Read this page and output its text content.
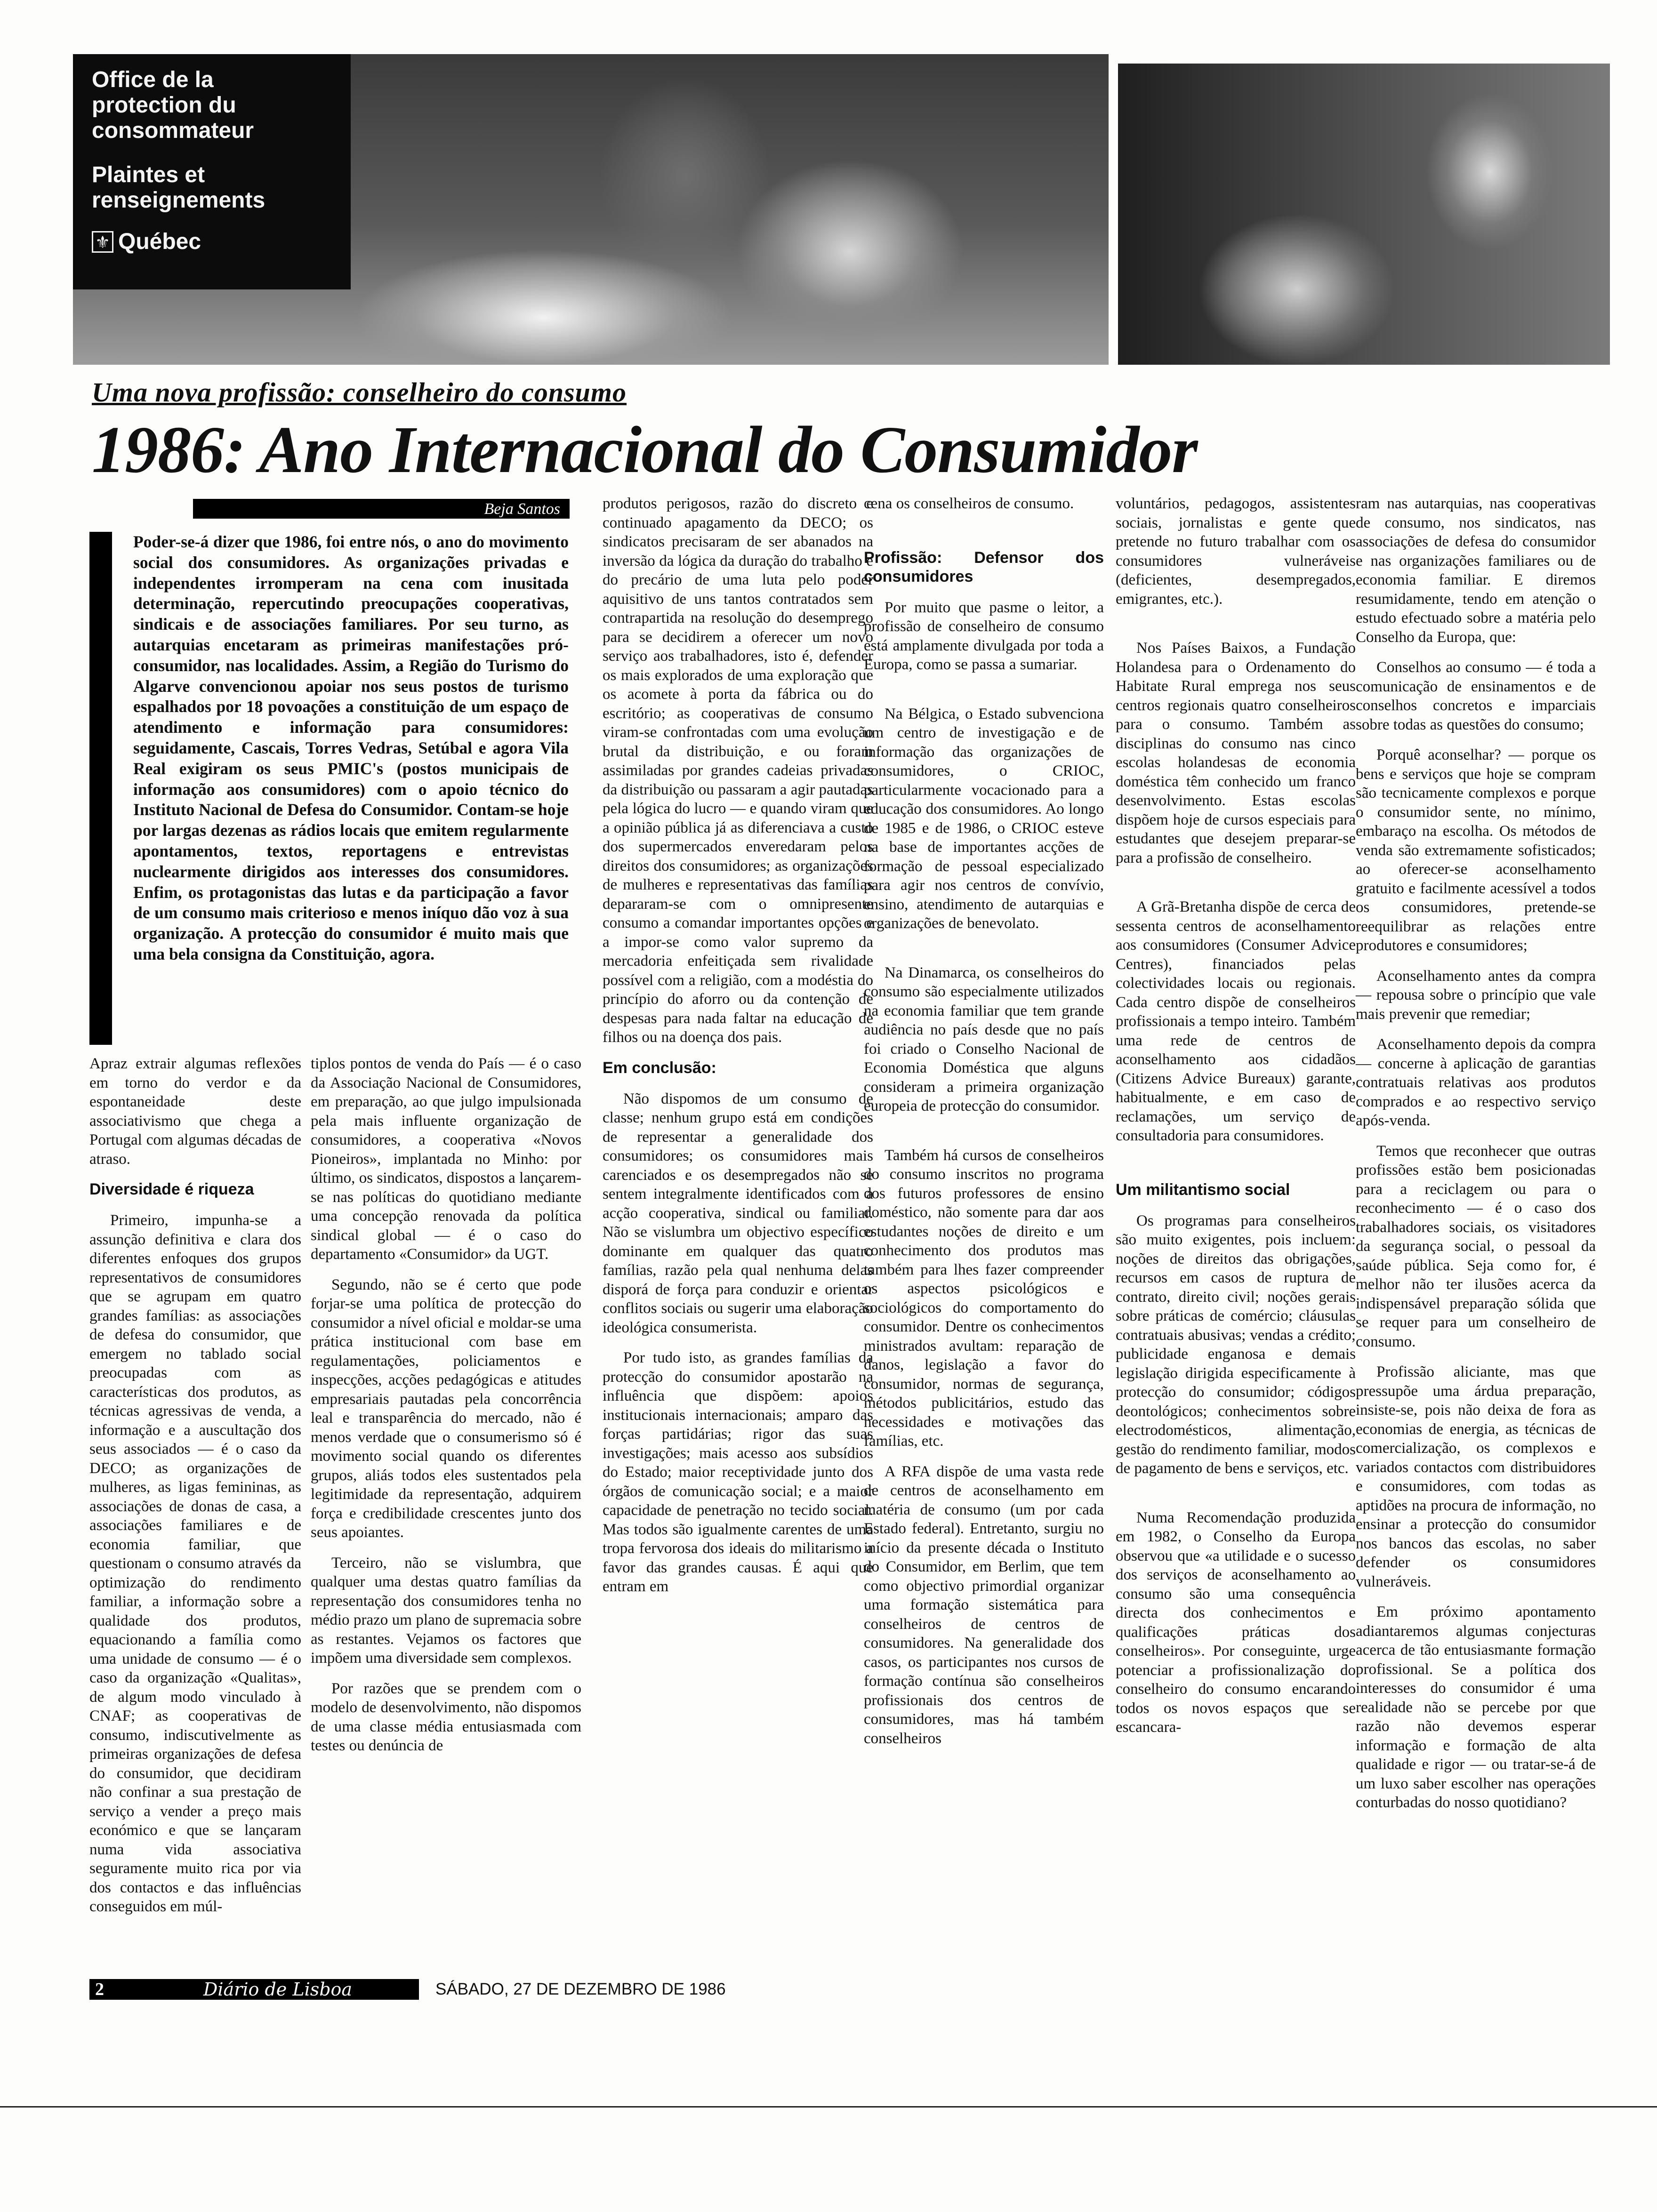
Office de la
protection du
consommateur
Plaintes et
renseignements
⚜ Québec
Uma nova profissão: conselheiro do consumo
1986: Ano Internacional do Consumidor
Beja Santos
Poder-se-á dizer que 1986, foi entre nós, o ano do movimento social dos consumidores. As organizações privadas e independentes irromperam na cena com inusitada determinação, repercutindo preocupações cooperativas, sindicais e de associações familiares. Por seu turno, as autarquias encetaram as primeiras manifestações pró-consumidor, nas localidades. Assim, a Região do Turismo do Algarve convencionou apoiar nos seus postos de turismo espalhados por 18 povoações a constituição de um espaço de atendimento e informação para consumidores: seguidamente, Cascais, Torres Vedras, Setúbal e agora Vila Real exigiram os seus PMIC's (postos municipais de informação aos consumidores) com o apoio técnico do Instituto Nacional de Defesa do Consumidor. Contam-se hoje por largas dezenas as rádios locais que emitem regularmente apontamentos, textos, reportagens e entrevistas nuclearmente dirigidos aos interesses dos consumidores. Enfim, os protagonistas das lutas e da participação a favor de um consumo mais criterioso e menos iníquo dão voz à sua organização. A protecção do consumidor é muito mais que uma bela consigna da Constituição, agora.

Apraz extrair algumas reflexões em torno do verdor e da espontaneidade deste associativismo que chega a Portugal com algumas décadas de atraso.

Diversidade é riqueza

Primeiro, impunha-se a assunção definitiva e clara dos diferentes enfoques dos grupos representativos de consumidores que se agrupam em quatro grandes famílias: as associações de defesa do consumidor, que emergem no tablado social preocupadas com as características dos produtos, as técnicas agressivas de venda, a informação e a auscultação dos seus associados — é o caso da DECO; as organizações de mulheres, as ligas femininas, as associações de donas de casa, a associações familiares e de economia familiar, que questionam o consumo através da optimização do rendimento familiar, a informação sobre a qualidade dos produtos, equacionando a família como uma unidade de consumo — é o caso da organização «Qualitas», de algum modo vinculado à CNAF; as cooperativas de consumo, indiscutivelmente as primeiras organizações de defesa do consumidor, que decidiram não confinar a sua prestação de serviço a vender a preço mais económico e que se lançaram numa vida associativa seguramente muito rica por via dos contactos e das influências conseguidos em múl-

tiplos pontos de venda do País — é o caso da Associação Nacional de Consumidores, em preparação, ao que julgo impulsionada pela mais influente organização de consumidores, a cooperativa «Novos Pioneiros», implantada no Minho: por último, os sindicatos, dispostos a lançarem-se nas políticas do quotidiano mediante uma concepção renovada da política sindical global — é o caso do departamento «Consumidor» da UGT.

Segundo, não se é certo que pode forjar-se uma política de protecção do consumidor a nível oficial e moldar-se uma prática institucional com base em regulamentações, policiamentos e inspecções, acções pedagógicas e atitudes empresariais pautadas pela concorrência leal e transparência do mercado, não é menos verdade que o consumerismo só é movimento social quando os diferentes grupos, aliás todos eles sustentados pela legitimidade da representação, adquirem força e credibilidade crescentes junto dos seus apoiantes.

Terceiro, não se vislumbra, que qualquer uma destas quatro famílias da representação dos consumidores tenha no médio prazo um plano de supremacia sobre as restantes. Vejamos os factores que impõem uma diversidade sem complexos.

Por razões que se prendem com o modelo de desenvolvimento, não dispomos de uma classe média entusiasmada com testes ou denúncia de

produtos perigosos, razão do discreto e continuado apagamento da DECO; os sindicatos precisaram de ser abanados na inversão da lógica da duração do trabalho e do precário de uma luta pelo poder aquisitivo de uns tantos contratados sem contrapartida na resolução do desemprego para se decidirem a oferecer um novo serviço aos trabalhadores, isto é, defender os mais explorados de uma exploração que os acomete à porta da fábrica ou do escritório; as cooperativas de consumo viram-se confrontadas com uma evolução brutal da distribuição, e ou foram assimiladas por grandes cadeias privadas da distribuição ou passaram a agir pautadas pela lógica do lucro — e quando viram que a opinião pública já as diferenciava a custo dos supermercados enveredaram pelos direitos dos consumidores; as organizações de mulheres e representativas das famílias depararam-se com o omnipresente consumo a comandar importantes opções e a impor-se como valor supremo da mercadoria enfeitiçada sem rivalidade possível com a religião, com a modéstia do princípio do aforro ou da contenção de despesas para nada faltar na educação de filhos ou na doença dos pais.

Em conclusão:

Não dispomos de um consumo de classe; nenhum grupo está em condições de representar a generalidade dos consumidores; os consumidores mais carenciados e os desempregados não se sentem integralmente identificados com a acção cooperativa, sindical ou familiar. Não se vislumbra um objectivo específico dominante em qualquer das quatro famílias, razão pela qual nenhuma delas disporá de força para conduzir e orientar conflitos sociais ou sugerir uma elaboração ideológica consumerista.

Por tudo isto, as grandes famílias da protecção do consumidor apostarão na influência que dispõem: apoios institucionais internacionais; amparo das forças partidárias; rigor das suas investigações; mais acesso aos subsídios do Estado; maior receptividade junto dos órgãos de comunicação social; e a maior capacidade de penetração no tecido social. Mas todos são igualmente carentes de uma tropa fervorosa dos ideais do militarismo a favor das grandes causas. É aqui que entram em

cena os conselheiros de consumo.

Profissão: Defensor dos consumidores

Por muito que pasme o leitor, a profissão de conselheiro de consumo está amplamente divulgada por toda a Europa, como se passa a sumariar.

Na Bélgica, o Estado subvenciona um centro de investigação e de informação das organizações de consumidores, o CRIOC, particularmente vocacionado para a educação dos consumidores. Ao longo de 1985 e de 1986, o CRIOC esteve na base de importantes acções de formação de pessoal especializado para agir nos centros de convívio, ensino, atendimento de autarquias e organizações de benevolato.

Na Dinamarca, os conselheiros do consumo são especialmente utilizados na economia familiar que tem grande audiência no país desde que no país foi criado o Conselho Nacional de Economia Doméstica que alguns consideram a primeira organização europeia de protecção do consumidor.

Também há cursos de conselheiros do consumo inscritos no programa dos futuros professores de ensino doméstico, não somente para dar aos estudantes noções de direito e um conhecimento dos produtos mas também para lhes fazer compreender os aspectos psicológicos e sociológicos do comportamento do consumidor. Dentre os conhecimentos ministrados avultam: reparação de danos, legislação a favor do consumidor, normas de segurança, métodos publicitários, estudo das necessidades e motivações das famílias, etc.

A RFA dispõe de uma vasta rede de centros de aconselhamento em matéria de consumo (um por cada Estado federal). Entretanto, surgiu no início da presente década o Instituto do Consumidor, em Berlim, que tem como objectivo primordial organizar uma formação sistemática para conselheiros de centros de consumidores. Na generalidade dos casos, os participantes nos cursos de formação contínua são conselheiros profissionais dos centros de consumidores, mas há também conselheiros

voluntários, pedagogos, assistentes sociais, jornalistas e gente que pretende no futuro trabalhar com os consumidores vulneráveis (deficientes, desempregados, emigrantes, etc.).

Nos Países Baixos, a Fundação Holandesa para o Ordenamento do Habitate Rural emprega nos seus centros regionais quatro conselheiros para o consumo. Também as disciplinas do consumo nas cinco escolas holandesas de economia doméstica têm conhecido um franco desenvolvimento. Estas escolas dispõem hoje de cursos especiais para estudantes que desejem preparar-se para a profissão de conselheiro.

A Grã-Bretanha dispõe de cerca de sessenta centros de aconselhamento aos consumidores (Consumer Advice Centres), financiados pelas colectividades locais ou regionais. Cada centro dispõe de conselheiros profissionais a tempo inteiro. Também uma rede de centros de aconselhamento aos cidadãos (Citizens Advice Bureaux) garante, habitualmente, e em caso de reclamações, um serviço de consultadoria para consumidores.

Um militantismo social

Os programas para conselheiros são muito exigentes, pois incluem: noções de direitos das obrigações, recursos em casos de ruptura de contrato, direito civil; noções gerais sobre práticas de comércio; cláusulas contratuais abusivas; vendas a crédito; publicidade enganosa e demais legislação dirigida especificamente à protecção do consumidor; códigos deontológicos; conhecimentos sobre electrodomésticos, alimentação, gestão do rendimento familiar, modos de pagamento de bens e serviços, etc.

Numa Recomendação produzida em 1982, o Conselho da Europa observou que «a utilidade e o sucesso dos serviços de aconselhamento ao consumo são uma consequência directa dos conhecimentos e qualificações práticas dos conselheiros». Por conseguinte, urge potenciar a profissionalização do conselheiro do consumo encarando todos os novos espaços que se escancara-

ram nas autarquias, nas cooperativas de consumo, nos sindicatos, nas associações de defesa do consumidor e nas organizações familiares ou de economia familiar. E diremos resumidamente, tendo em atenção o estudo efectuado sobre a matéria pelo Conselho da Europa, que:

Conselhos ao consumo — é toda a comunicação de ensinamentos e de conselhos concretos e imparciais sobre todas as questões do consumo;

Porquê aconselhar? — porque os bens e serviços que hoje se compram são tecnicamente complexos e porque o consumidor sente, no mínimo, embaraço na escolha. Os métodos de venda são extremamente sofisticados; ao oferecer-se aconselhamento gratuito e facilmente acessível a todos os consumidores, pretende-se reequilibrar as relações entre produtores e consumidores;

Aconselhamento antes da compra — repousa sobre o princípio que vale mais prevenir que remediar;

Aconselhamento depois da compra — concerne à aplicação de garantias contratuais relativas aos produtos comprados e ao respectivo serviço após-venda.

Temos que reconhecer que outras profissões estão bem posicionadas para a reciclagem ou para o reconhecimento — é o caso dos trabalhadores sociais, os visitadores da segurança social, o pessoal da saúde pública. Seja como for, é melhor não ter ilusões acerca da indispensável preparação sólida que se requer para um conselheiro de consumo.

Profissão aliciante, mas que pressupõe uma árdua preparação, insiste-se, pois não deixa de fora as economias de energia, as técnicas de comercialização, os complexos e variados contactos com distribuidores e consumidores, com todas as aptidões na procura de informação, no ensinar a protecção do consumidor nos bancos das escolas, no saber defender os consumidores vulneráveis.

Em próximo apontamento adiantaremos algumas conjecturas acerca de tão entusiasmante formação profissional. Se a política dos interesses do consumidor é uma realidade não se percebe por que razão não devemos esperar informação e formação de alta qualidade e rigor — ou tratar-se-á de um luxo saber escolher nas operações conturbadas do nosso quotidiano?

2	Diário de Lisboa	SÁBADO, 27 DE DEZEMBRO DE 1986
